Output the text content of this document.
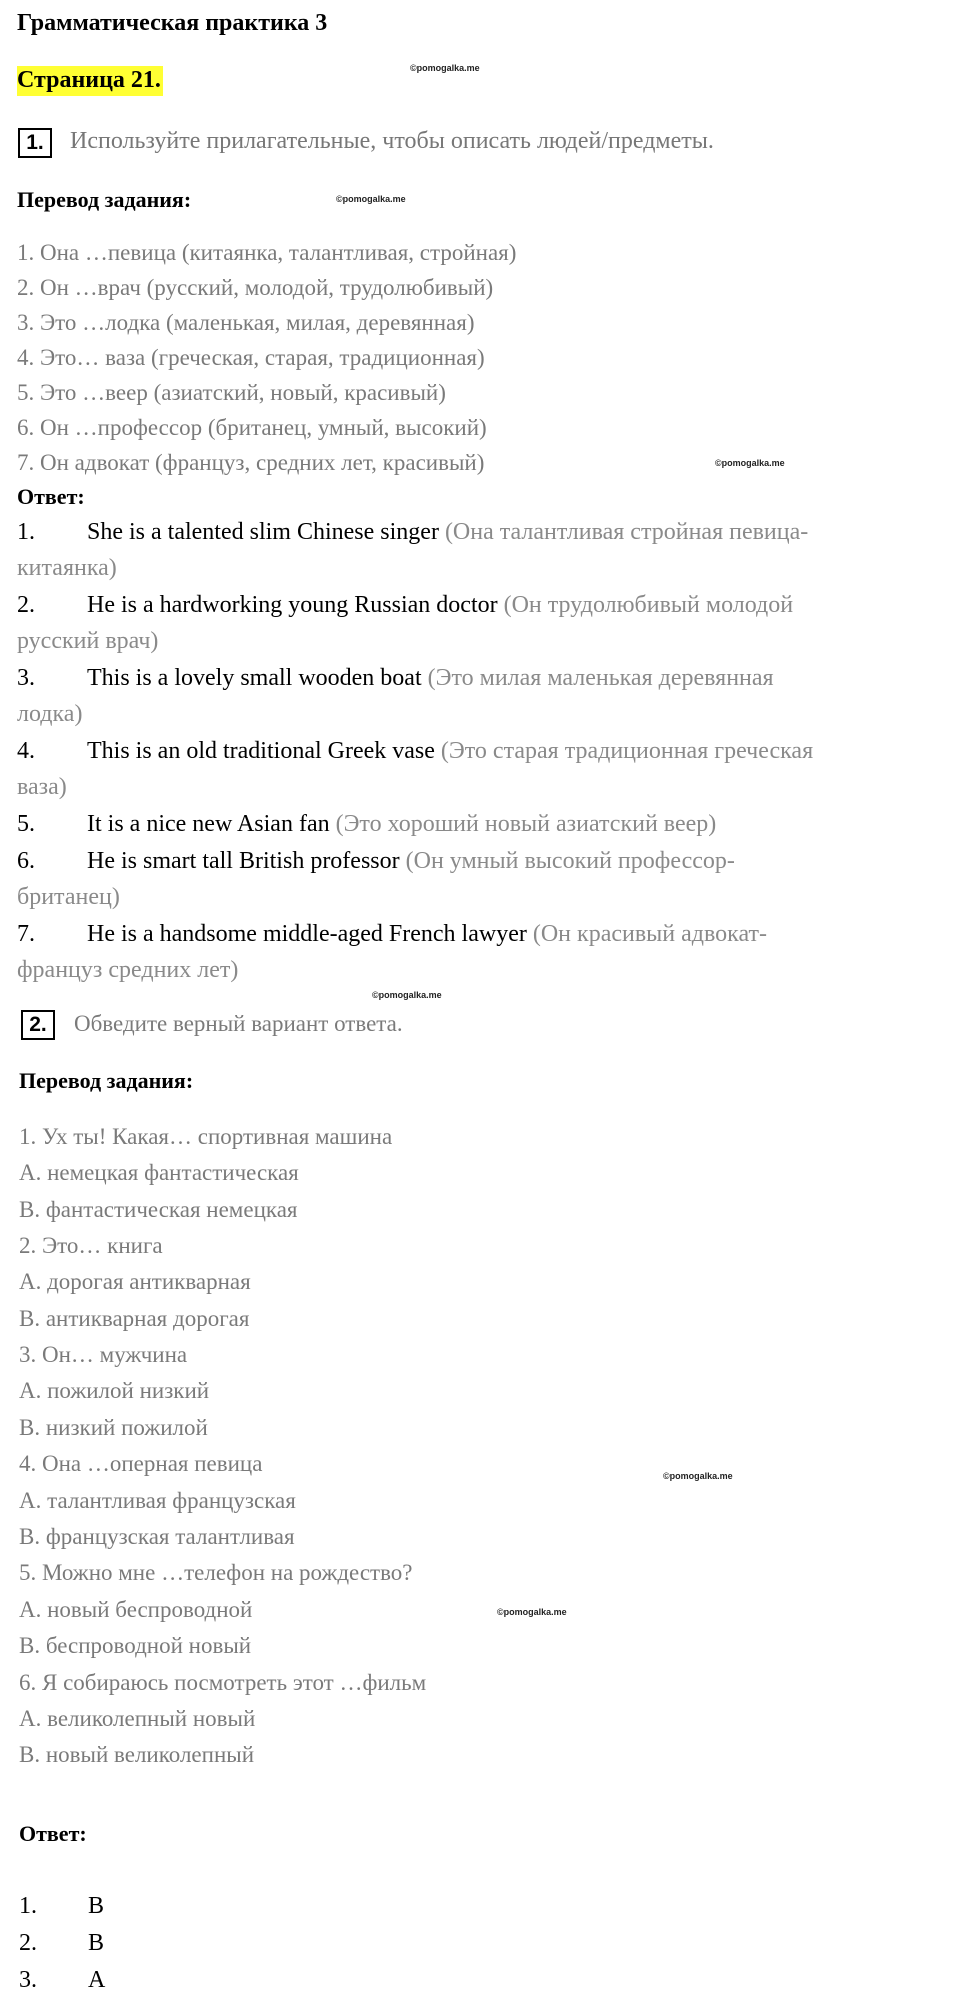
Грамматическая практика 3
Страница 21.	©pomogalka.me
©pomogalka.me
©pomogalka.me
©pomogalka.me
©pomogalka.me
©pomogalka.me
1.	Используйте прилагательные, чтобы описать людей/предметы.
Перевод задания:
1. Она …певица (китаянка, талантливая, стройная)
2. Он …врач (русский, молодой, трудолюбивый)
3. Это …лодка (маленькая, милая, деревянная)
4. Это… ваза (греческая, старая, традиционная)
5. Это …веер (азиатский, новый, красивый)
6. Он …профессор (британец, умный, высокий)
7. Он адвокат (француз, средних лет, красивый)
Ответ:
1. She is a talented slim Chinese singer (Она талантливая стройная певица-
китаянка)
2. He is a hardworking young Russian doctor (Он трудолюбивый молодой
русский врач)
3. This is a lovely small wooden boat (Это милая маленькая деревянная
лодка)
4. This is an old traditional Greek vase (Это старая традиционная греческая
ваза)
5. It is a nice new Asian fan (Это хороший новый азиатский веер)
6. He is smart tall British professor (Он умный высокий профессор-
британец)
7. He is a handsome middle-aged French lawyer (Он красивый адвокат-
француз средних лет)
2.	Обведите верный вариант ответа.
Перевод задания:
1. Ух ты! Какая… спортивная машина
A. немецкая фантастическая
B. фантастическая немецкая
2. Это… книга
A. дорогая антикварная
B. антикварная дорогая
3. Он… мужчина
A. пожилой низкий
B. низкий пожилой
4. Она …оперная певица
A. талантливая французская
B. французская талантливая
5. Можно мне …телефон на рождество?
A. новый беспроводной
B. беспроводной новый
6. Я собираюсь посмотреть этот …фильм
A. великолепный новый
B. новый великолепный
Ответ:
1. B
2. B
3. A
